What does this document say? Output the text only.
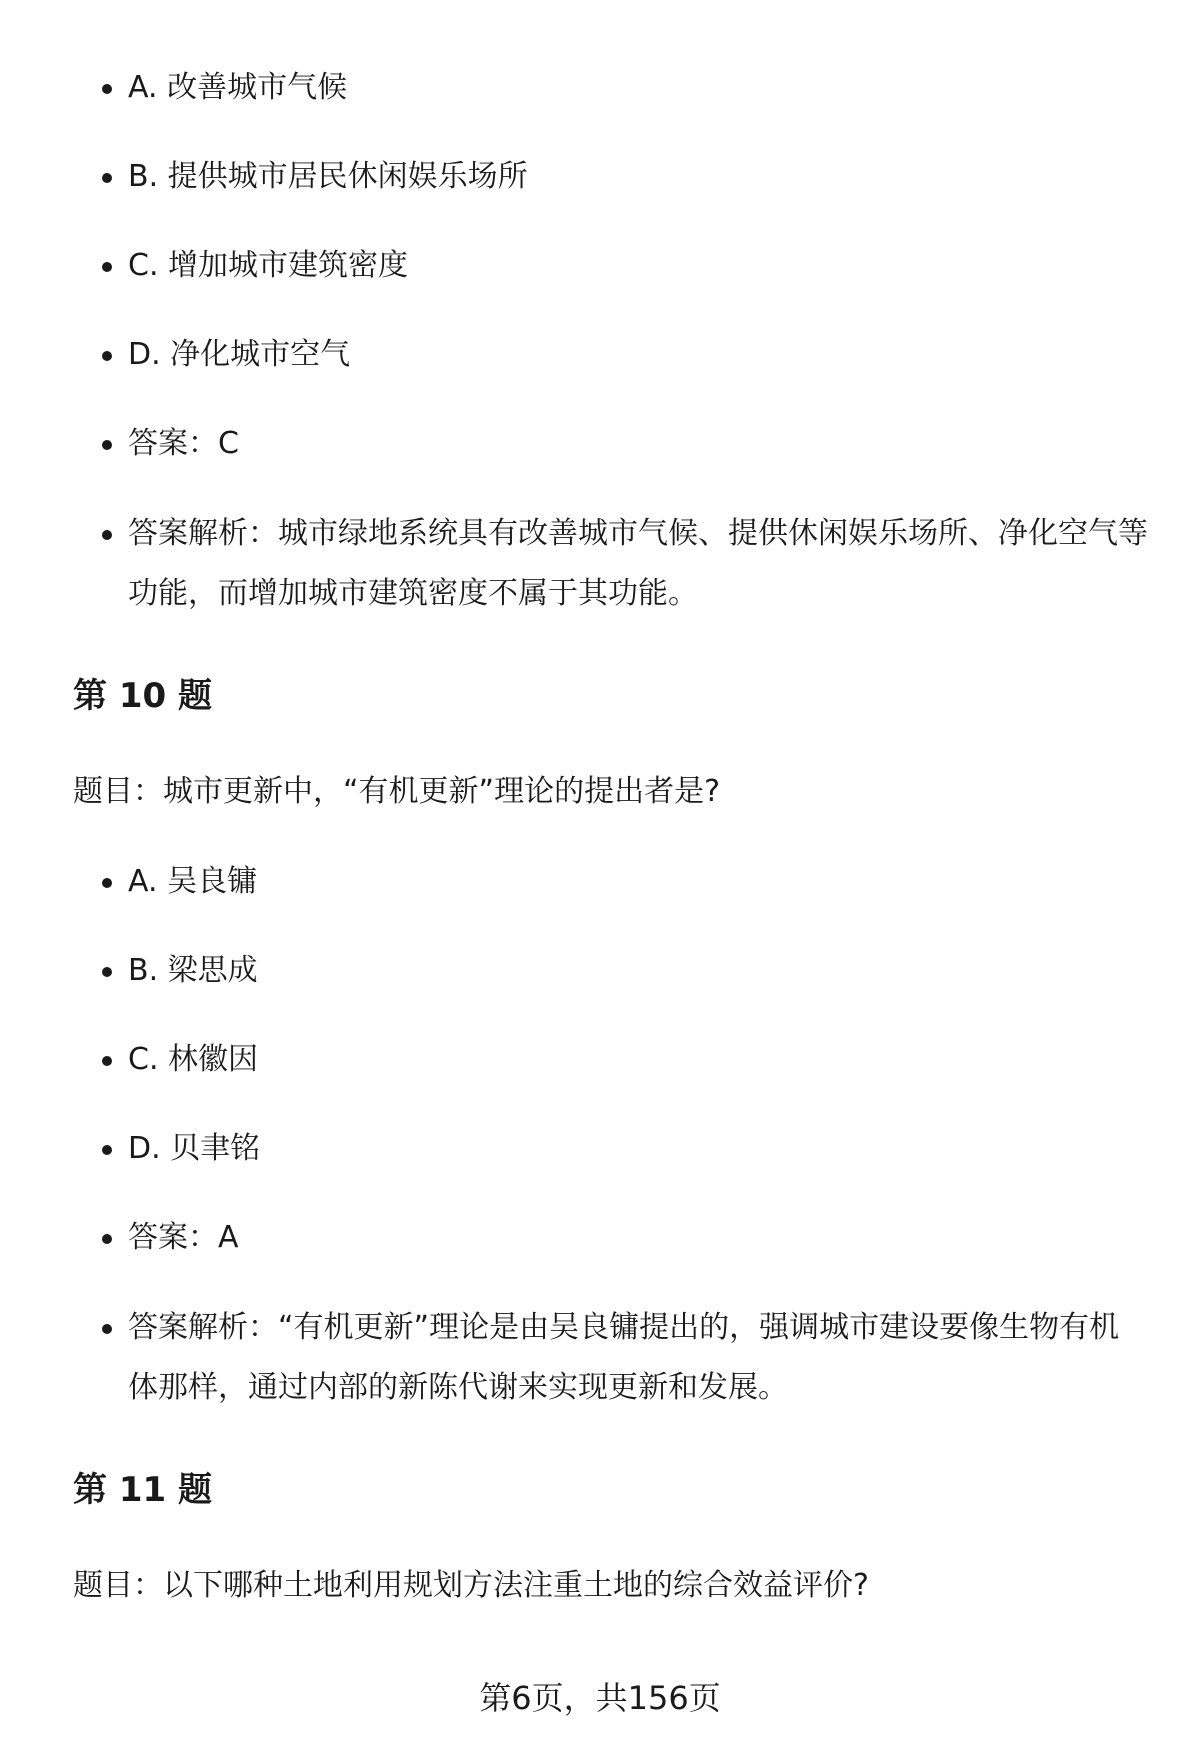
A. 改善城市气候
B. 提供城市居民休闲娱乐场所
C. 增加城市建筑密度
D. 净化城市空气
答案：C
答案解析：城市绿地系统具有改善城市气候、提供休闲娱乐场所、净化空气等功能，而增加城市建筑密度不属于其功能。
第 10 题

题目：城市更新中，“有机更新”理论的提出者是?

A. 吴良镛
B. 梁思成
C. 林徽因
D. 贝聿铭
答案：A
答案解析：“有机更新”理论是由吴良镛提出的，强调城市建设要像生物有机体那样，通过内部的新陈代谢来实现更新和发展。
第 11 题

题目：以下哪种土地利用规划方法注重土地的综合效益评价?

第6页，共156页
